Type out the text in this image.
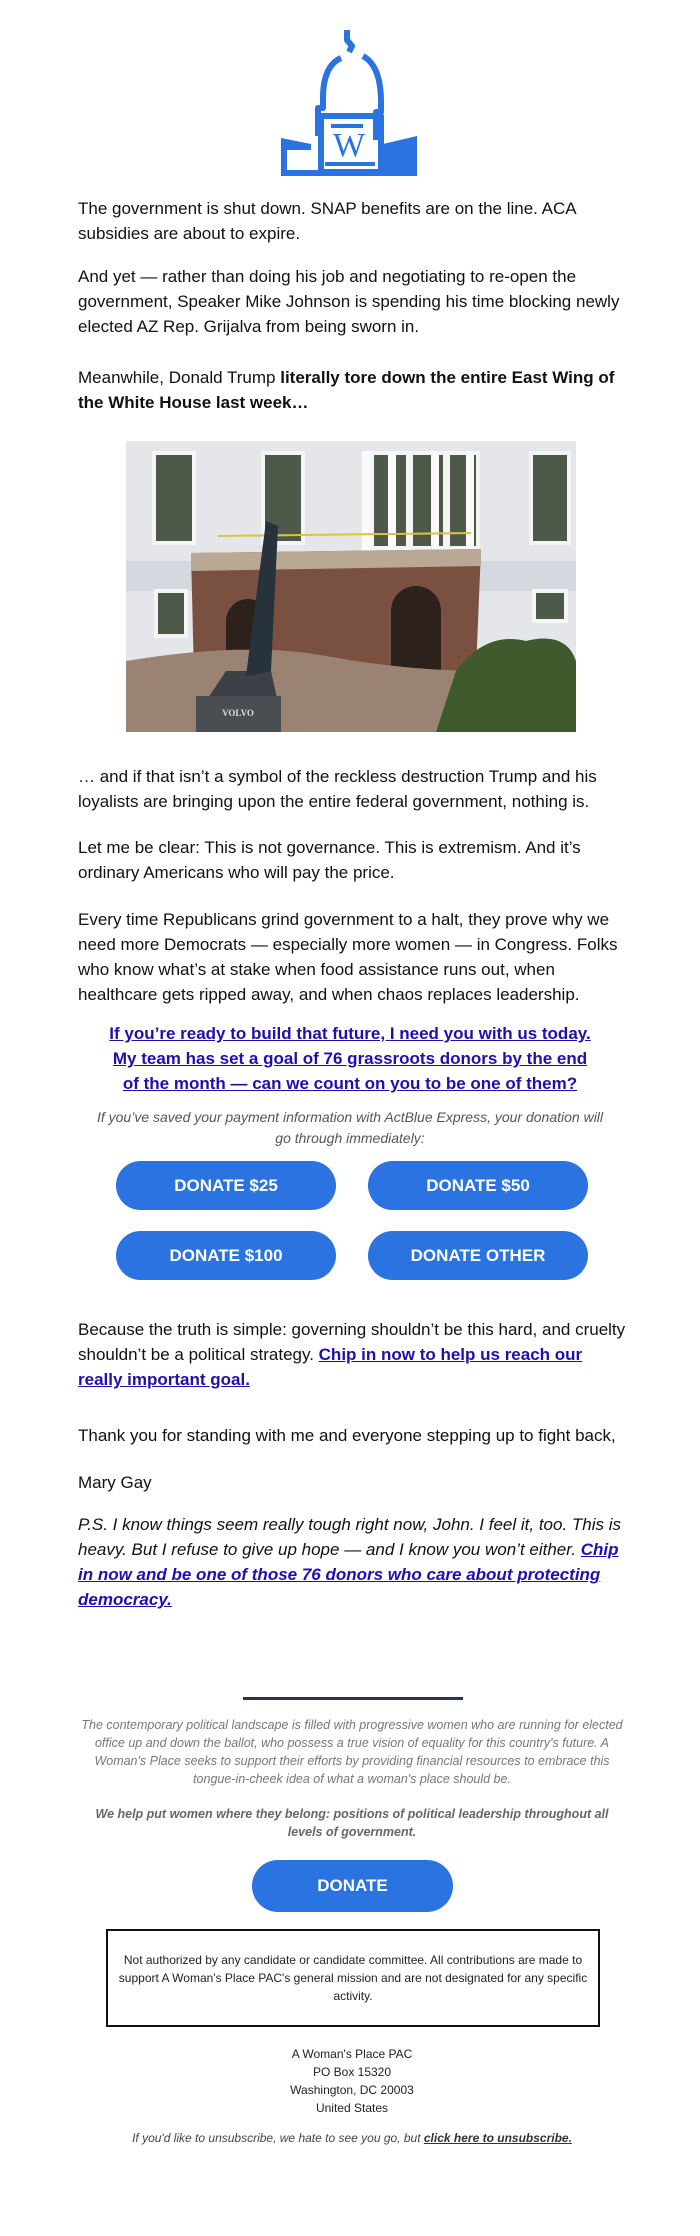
W

The government is shut down. SNAP benefits are on the line. ACA subsidies are about to expire.

And yet — rather than doing his job and negotiating to re-open the government, Speaker Mike Johnson is spending his time blocking newly elected AZ Rep. Grijalva from being sworn in.

Meanwhile, Donald Trump literally tore down the entire East Wing of the White House last week…

VOLVO

… and if that isn’t a symbol of the reckless destruction Trump and his loyalists are bringing upon the entire federal government, nothing is.

Let me be clear: This is not governance. This is extremism. And it’s ordinary Americans who will pay the price.

Every time Republicans grind government to a halt, they prove why we need more Democrats — especially more women — in Congress. Folks who know what’s at stake when food assistance runs out, when healthcare gets ripped away, and when chaos replaces leadership.

If you’re ready to build that future, I need you with us today. My team has set a goal of 76 grassroots donors by the end of the month — can we count on you to be one of them?

If you’ve saved your payment information with ActBlue Express, your donation will go through immediately:

DONATE $25	DONATE $50
DONATE $100	DONATE OTHER

Because the truth is simple: governing shouldn’t be this hard, and cruelty shouldn’t be a political strategy. Chip in now to help us reach our really important goal.

Thank you for standing with me and everyone stepping up to fight back,

Mary Gay

P.S. I know things seem really tough right now, John. I feel it, too. This is heavy. But I refuse to give up hope — and I know you won’t either. Chip in now and be one of those 76 donors who care about protecting democracy.

The contemporary political landscape is filled with progressive women who are running for elected office up and down the ballot, who possess a true vision of equality for this country's future. A Woman's Place seeks to support their efforts by providing financial resources to embrace this tongue-in-cheek idea of what a woman's place should be.

We help put women where they belong: positions of political leadership throughout all levels of government.

DONATE

Not authorized by any candidate or candidate committee. All contributions are made to support A Woman's Place PAC's general mission and are not designated for any specific activity.

A Woman's Place PAC
PO Box 15320
Washington, DC 20003
United States

If you'd like to unsubscribe, we hate to see you go, but click here to unsubscribe.
